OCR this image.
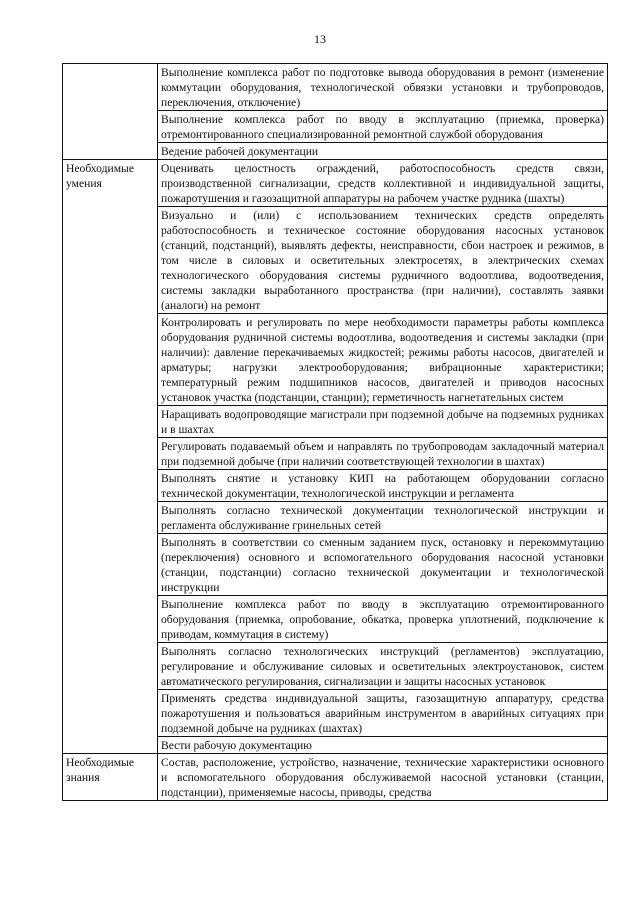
13
	Выполнение комплекса работ по подготовке вывода оборудования в ремонт (изменение коммутации оборудования, технологической обвязки установки и трубопроводов, переключения, отключение)
	Выполнение комплекса работ по вводу в эксплуатацию (приемка, проверка) отремонтированного специализированной ремонтной службой оборудования
	Ведение рабочей документации
Необходимые умения	Оценивать целостность ограждений, работоспособность средств связи, производственной сигнализации, средств коллективной и индивидуальной защиты, пожаротушения и газозащитной аппаратуры на рабочем участке рудника (шахты)
	Визуально и (или) с использованием технических средств определять работоспособность и техническое состояние оборудования насосных установок (станций, подстанций), выявлять дефекты, неисправности, сбои настроек и режимов, в том числе в силовых и осветительных электросетях, в электрических схемах технологического оборудования системы рудничного водоотлива, водоотведения, системы закладки выработанного пространства (при наличии), составлять заявки (аналоги) на ремонт
	Контролировать и регулировать по мере необходимости параметры работы комплекса оборудования рудничной системы водоотлива, водоотведения и системы закладки (при наличии): давление перекачиваемых жидкостей; режимы работы насосов, двигателей и арматуры; нагрузки электрооборудования; вибрационные характеристики; температурный режим подшипников насосов, двигателей и приводов насосных установок участка (подстанции, станции); герметичность нагнетательных систем
	Наращивать водопроводящие магистрали при подземной добыче на подземных рудниках и в шахтах
	Регулировать подаваемый объем и направлять по трубопроводам закладочный материал при подземной добыче (при наличии соответствующей технологии в шахтах)
	Выполнять снятие и установку КИП на работающем оборудовании согласно технической документации, технологической инструкции и регламента
	Выполнять согласно технической документации технологической инструкции и регламента обслуживание гринельных сетей
	Выполнять в соответствии со сменным заданием пуск, остановку и перекоммутацию (переключения) основного и вспомогательного оборудования насосной установки (станции, подстанции) согласно технической документации и технологической инструкции
	Выполнение комплекса работ по вводу в эксплуатацию отремонтированного оборудования (приемка, опробование, обкатка, проверка уплотнений, подключение к приводам, коммутация в систему)
	Выполнять согласно технологических инструкций (регламентов) эксплуатацию, регулирование и обслуживание силовых и осветительных электроустановок, систем автоматического регулирования, сигнализации и защиты насосных установок
	Применять средства индивидуальной защиты, газозащитную аппаратуру, средства пожаротушения и пользоваться аварийным инструментом в аварийных ситуациях при подземной добыче на рудниках (шахтах)
	Вести рабочую документацию
Необходимые знания	Состав, расположение, устройство, назначение, технические характеристики основного и вспомогательного оборудования обслуживаемой насосной установки (станции, подстанции), применяемые насосы, приводы, средства
